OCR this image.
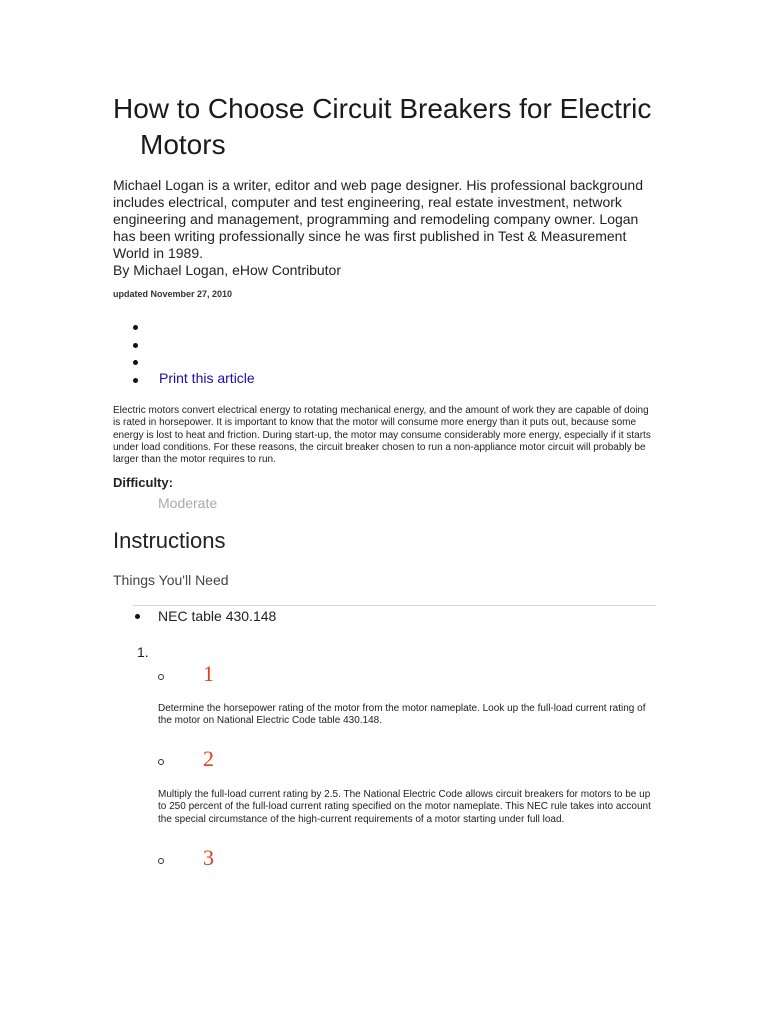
How to Choose Circuit Breakers for Electric Motors
Michael Logan is a writer, editor and web page designer. His professional background includes electrical, computer and test engineering, real estate investment, network engineering and management, programming and remodeling company owner. Logan has been writing professionally since he was first published in Test & Measurement World in 1989.
By Michael Logan, eHow Contributor
updated November 27, 2010
Print this article
Electric motors convert electrical energy to rotating mechanical energy, and the amount of work they are capable of doing is rated in horsepower. It is important to know that the motor will consume more energy than it puts out, because some energy is lost to heat and friction. During start-up, the motor may consume considerably more energy, especially if it starts under load conditions. For these reasons, the circuit breaker chosen to run a non-appliance motor circuit will probably be larger than the motor requires to run.
Difficulty:
Moderate
Instructions
Things You'll Need
NEC table 430.148
1.
1
Determine the horsepower rating of the motor from the motor nameplate. Look up the full-load current rating of the motor on National Electric Code table 430.148.
2
Multiply the full-load current rating by 2.5. The National Electric Code allows circuit breakers for motors to be up to 250 percent of the full-load current rating specified on the motor nameplate. This NEC rule takes into account the special circumstance of the high-current requirements of a motor starting under full load.
3
